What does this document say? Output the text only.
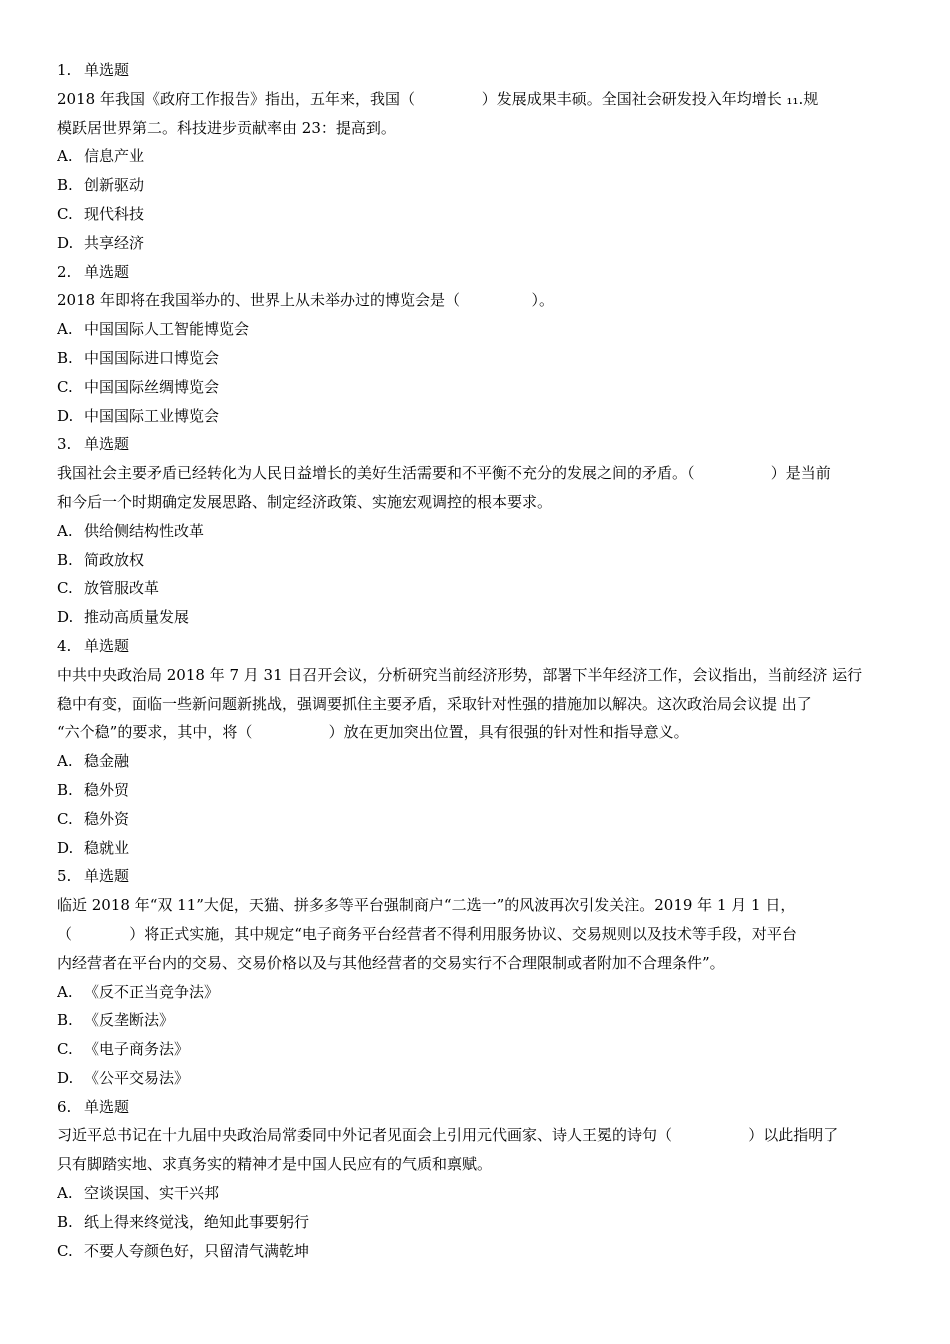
1. 单选题
2018 年我国《政府工作报告》指出，五年来，我国（              ）发展成果丰硕。全国社会研发投入年均增长 ₁₁.规
模跃居世界第二。科技进步贡献率由 23：提高到。
A. 信息产业
B. 创新驱动
C. 现代科技
D. 共享经济
2. 单选题
2018 年即将在我国举办的、世界上从未举办过的博览会是（               ）。
A. 中国国际人工智能博览会
B. 中国国际进口博览会
C. 中国国际丝绸博览会
D. 中国国际工业博览会
3. 单选题
我国社会主要矛盾已经转化为人民日益增长的美好生活需要和不平衡不充分的发展之间的矛盾。（                ）是当前
和今后一个时期确定发展思路、制定经济政策、实施宏观调控的根本要求。
A. 供给侧结构性改革
B. 简政放权
C. 放管服改革
D. 推动高质量发展
4. 单选题
中共中央政治局 2018 年 7 月 31 日召开会议，分析研究当前经济形势，部署下半年经济工作，会议指出，当前经济 运行
稳中有变，面临一些新问题新挑战，强调要抓住主要矛盾，采取针对性强的措施加以解决。这次政治局会议提 出了
“六个稳”的要求，其中，将（                ）放在更加突出位置，具有很强的针对性和指导意义。
A. 稳金融
B. 稳外贸
C. 稳外资
D. 稳就业
5. 单选题
临近 2018 年“双 11”大促，天猫、拼多多等平台强制商户“二选一”的风波再次引发关注。2019 年 1 月 1 日，
（            ）将正式实施，其中规定“电子商务平台经营者不得利用服务协议、交易规则以及技术等手段，对平台
内经营者在平台内的交易、交易价格以及与其他经营者的交易实行不合理限制或者附加不合理条件”。
A. 《反不正当竞争法》
B. 《反垄断法》
C. 《电子商务法》
D. 《公平交易法》
6. 单选题
习近平总书记在十九届中央政治局常委同中外记者见面会上引用元代画家、诗人王冕的诗句（                ）以此指明了
只有脚踏实地、求真务实的精神才是中国人民应有的气质和禀赋。
A. 空谈误国、实干兴邦
B. 纸上得来终觉浅，绝知此事要躬行
C. 不要人夸颜色好，只留清气满乾坤
